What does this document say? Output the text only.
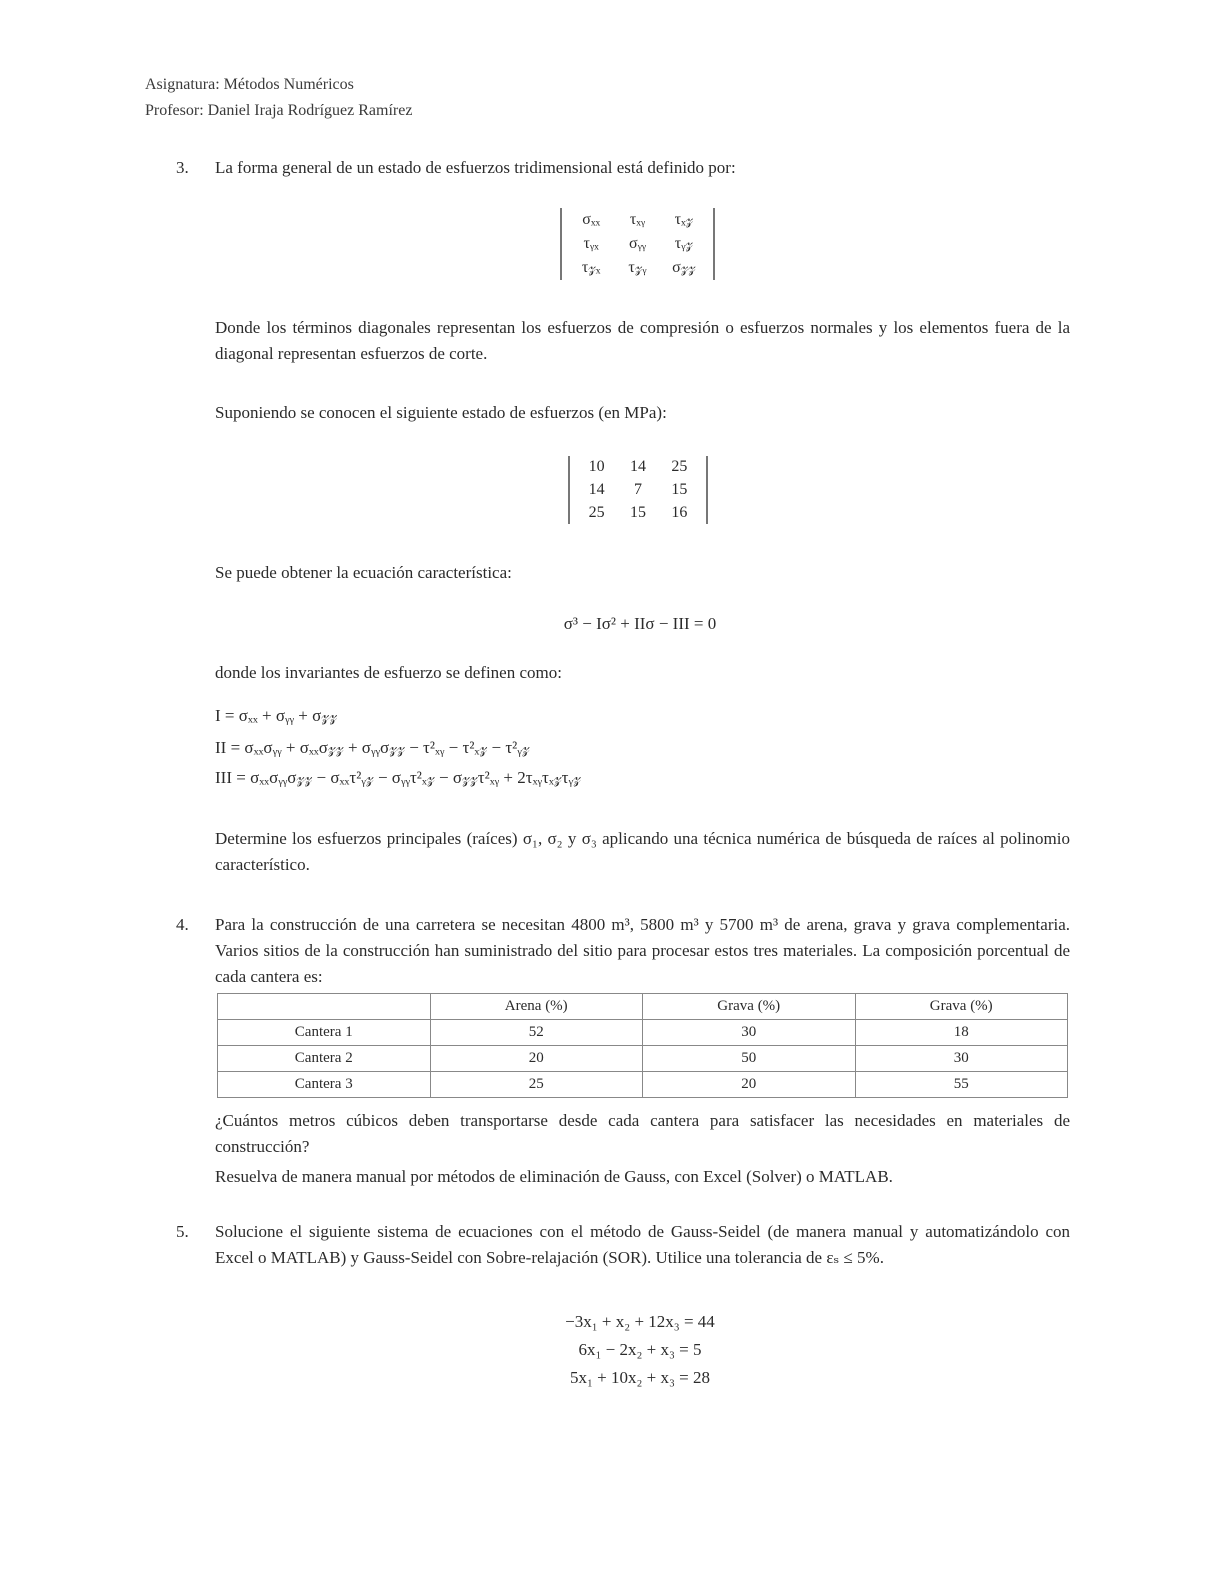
Asignatura: Métodos Numéricos
Profesor: Daniel Iraja Rodríguez Ramírez
3. La forma general de un estado de esfuerzos tridimensional está definido por:
σₓₓ	τₓᵧ	τₓ𝓏
τᵧₓ	σᵧᵧ	τᵧ𝓏
τ𝓏ₓ	τ𝓏ᵧ	σ𝓏𝓏
Donde los términos diagonales representan los esfuerzos de compresión o esfuerzos normales y los elementos fuera de la diagonal representan esfuerzos de corte.
Suponiendo se conocen el siguiente estado de esfuerzos (en MPa):
10	14	25
14	7	15
25	15	16
Se puede obtener la ecuación característica:
σ³ − Iσ² + IIσ − III = 0
donde los invariantes de esfuerzo se definen como:
I = σₓₓ + σᵧᵧ + σ𝓏𝓏
II = σₓₓσᵧᵧ + σₓₓσ𝓏𝓏 + σᵧᵧσ𝓏𝓏 − τ²ₓᵧ − τ²ₓ𝓏 − τ²ᵧ𝓏
III = σₓₓσᵧᵧσ𝓏𝓏 − σₓₓτ²ᵧ𝓏 − σᵧᵧτ²ₓ𝓏 − σ𝓏𝓏τ²ₓᵧ + 2τₓᵧτₓ𝓏τᵧ𝓏
Determine los esfuerzos principales (raíces) σ₁, σ₂ y σ₃ aplicando una técnica numérica de búsqueda de raíces al polinomio característico.
4. Para la construcción de una carretera se necesitan 4800 m³, 5800 m³ y 5700 m³ de arena, grava y grava complementaria. Varios sitios de la construcción han suministrado del sitio para procesar estos tres materiales. La composición porcentual de cada cantera es:
	Arena (%)	Grava (%)	Grava (%)
Cantera 1	52	30	18
Cantera 2	20	50	30
Cantera 3	25	20	55
¿Cuántos metros cúbicos deben transportarse desde cada cantera para satisfacer las necesidades en materiales de construcción?
Resuelva de manera manual por métodos de eliminación de Gauss, con Excel (Solver) o MATLAB.
5. Solucione el siguiente sistema de ecuaciones con el método de Gauss-Seidel (de manera manual y automatizándolo con Excel o MATLAB) y Gauss-Seidel con Sobre-relajación (SOR). Utilice una tolerancia de εₛ ≤ 5%.
−3x₁ + x₂ + 12x₃ = 44
6x₁ − 2x₂ + x₃ = 5
5x₁ + 10x₂ + x₃ = 28
